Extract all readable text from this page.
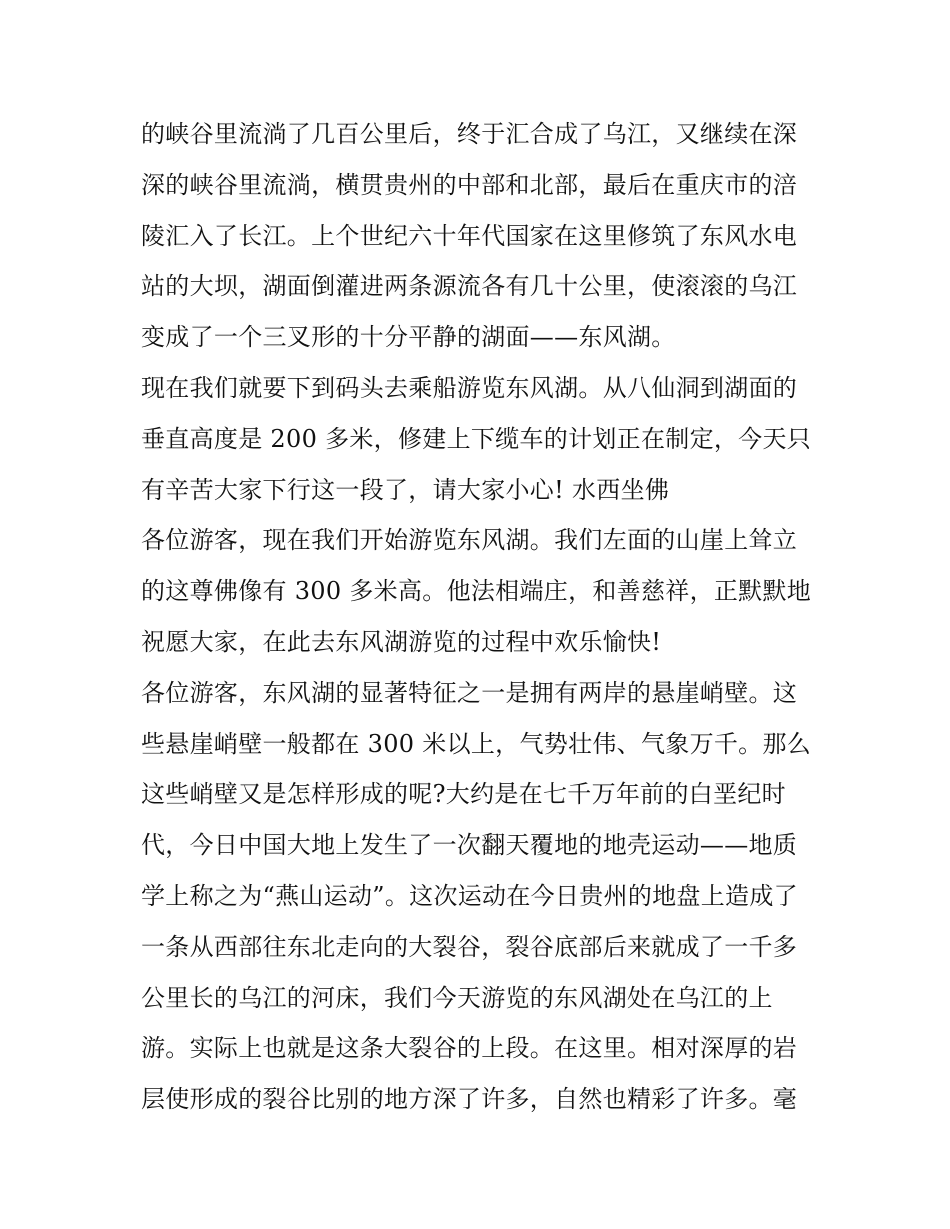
的峡谷里流淌了几百公里后，终于汇合成了乌江，又继续在深
深的峡谷里流淌，横贯贵州的中部和北部，最后在重庆市的涪
陵汇入了长江。上个世纪六十年代国家在这里修筑了东风水电
站的大坝，湖面倒灌进两条源流各有几十公里，使滚滚的乌江
变成了一个三叉形的十分平静的湖面——东风湖。
现在我们就要下到码头去乘船游览东风湖。从八仙洞到湖面的
垂直高度是 200 多米，修建上下缆车的计划正在制定，今天只
有辛苦大家下行这一段了，请大家小心! 水西坐佛
各位游客，现在我们开始游览东风湖。我们左面的山崖上耸立
的这尊佛像有 300 多米高。他法相端庄，和善慈祥，正默默地
祝愿大家，在此去东风湖游览的过程中欢乐愉快!
各位游客，东风湖的显著特征之一是拥有两岸的悬崖峭壁。这
些悬崖峭壁一般都在 300 米以上，气势壮伟、气象万千。那么
这些峭壁又是怎样形成的呢?大约是在七千万年前的白垩纪时
代，今日中国大地上发生了一次翻天覆地的地壳运动——地质
学上称之为“燕山运动”。这次运动在今日贵州的地盘上造成了
一条从西部往东北走向的大裂谷，裂谷底部后来就成了一千多
公里长的乌江的河床，我们今天游览的东风湖处在乌江的上
游。实际上也就是这条大裂谷的上段。在这里。相对深厚的岩
层使形成的裂谷比别的地方深了许多，自然也精彩了许多。毫
